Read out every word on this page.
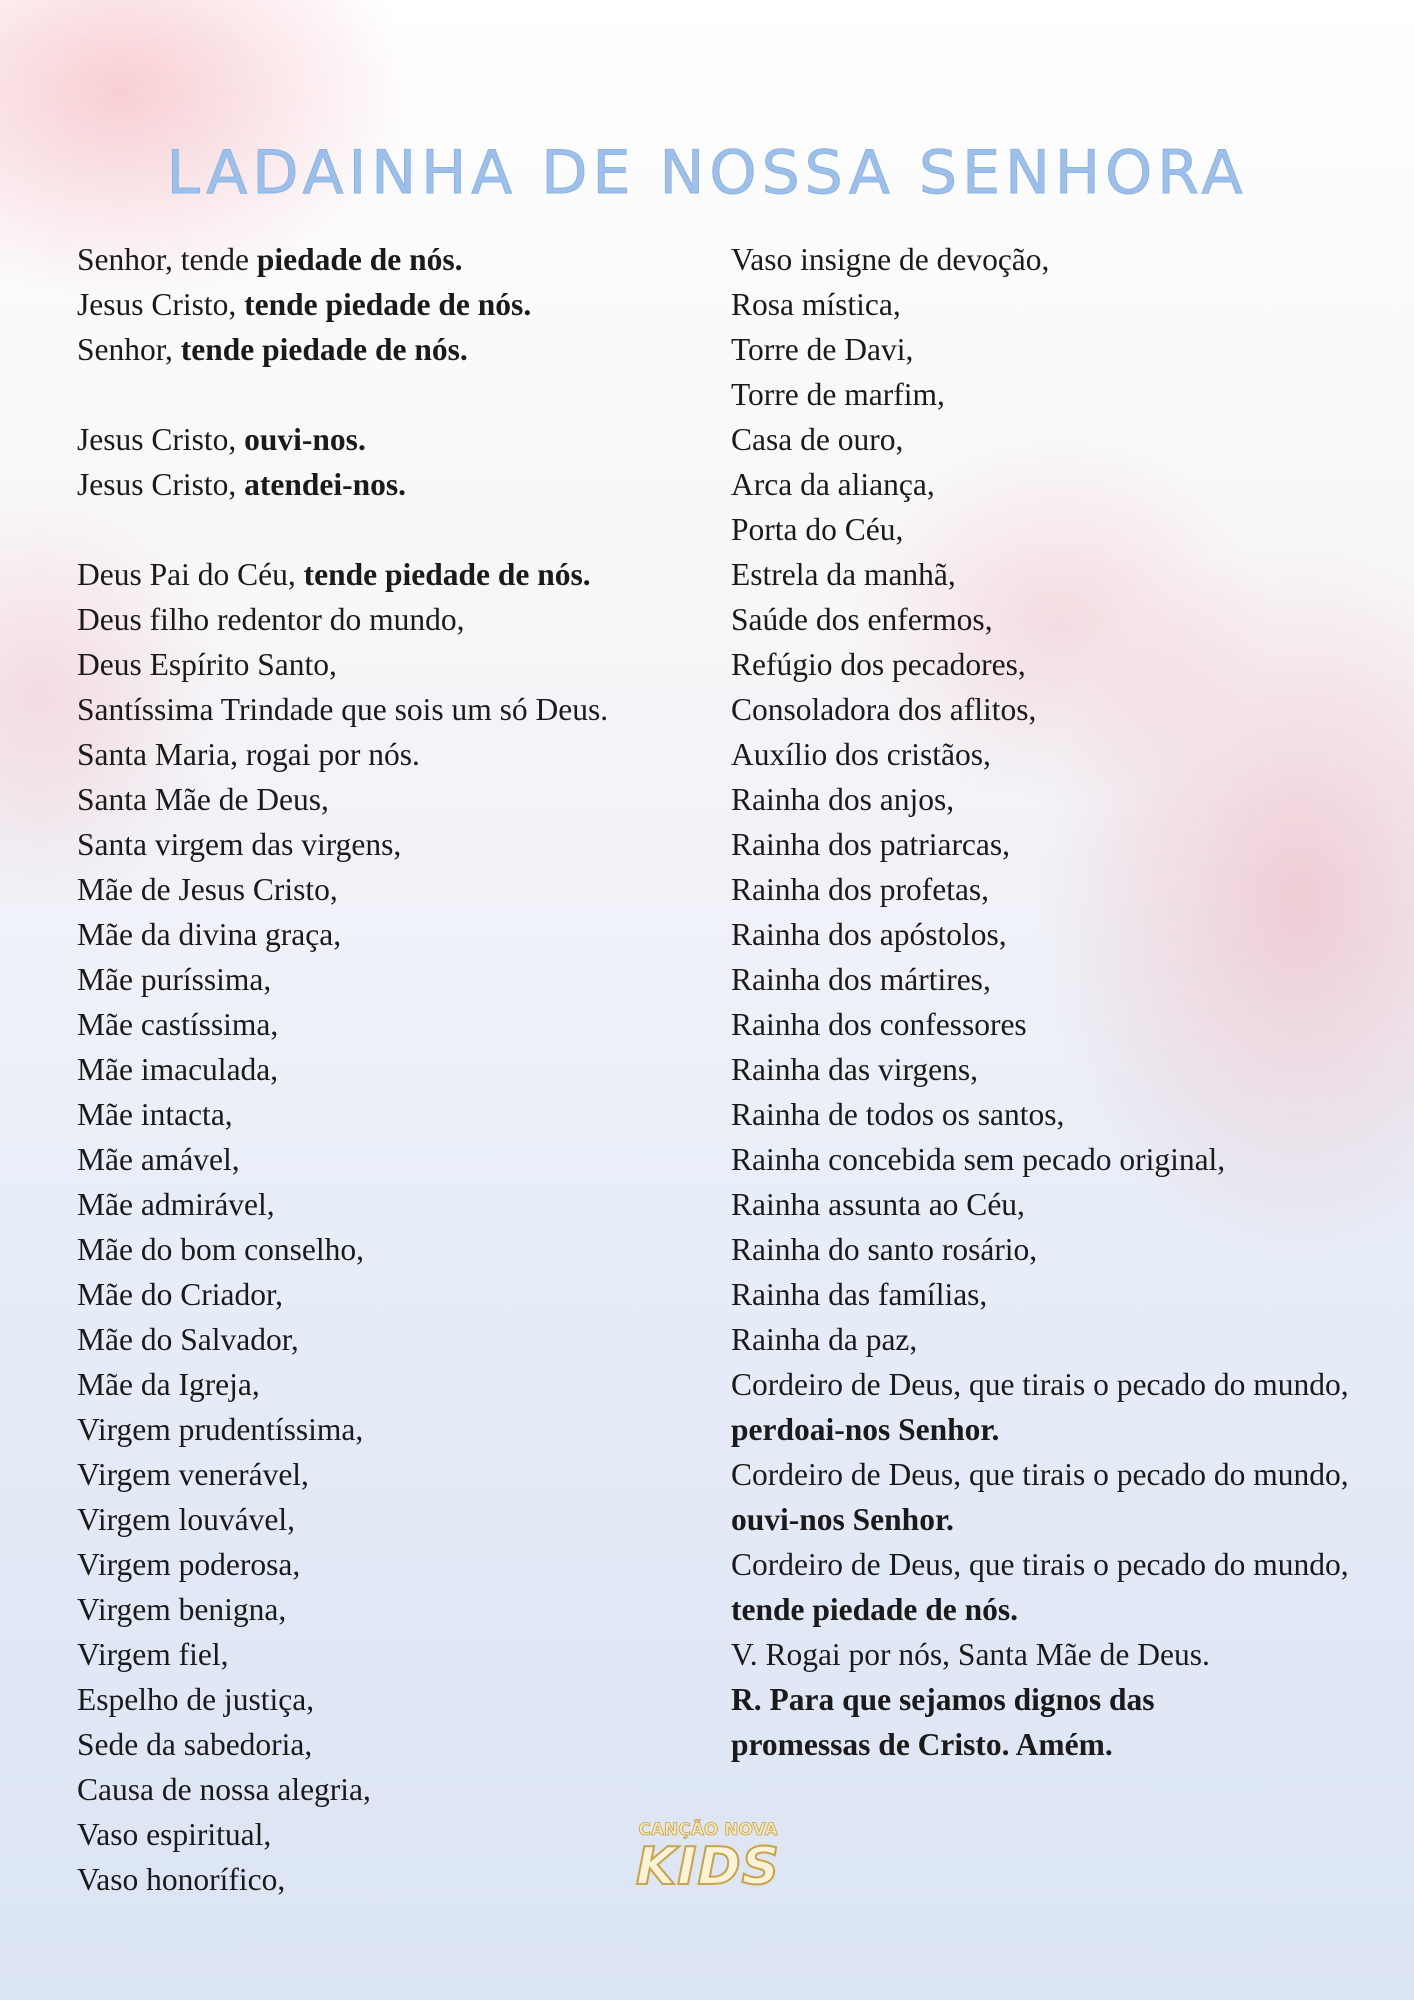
LADAINHA DE NOSSA SENHORA
Senhor, tende piedade de nós.
Jesus Cristo, tende piedade de nós.
Senhor, tende piedade de nós.
Jesus Cristo, ouvi-nos.
Jesus Cristo, atendei-nos.
Deus Pai do Céu, tende piedade de nós.
Deus filho redentor do mundo,
Deus Espírito Santo,
Santíssima Trindade que sois um só Deus.
Santa Maria, rogai por nós.
Santa Mãe de Deus,
Santa virgem das virgens,
Mãe de Jesus Cristo,
Mãe da divina graça,
Mãe puríssima,
Mãe castíssima,
Mãe imaculada,
Mãe intacta,
Mãe amável,
Mãe admirável,
Mãe do bom conselho,
Mãe do Criador,
Mãe do Salvador,
Mãe da Igreja,
Virgem prudentíssima,
Virgem venerável,
Virgem louvável,
Virgem poderosa,
Virgem benigna,
Virgem fiel,
Espelho de justiça,
Sede da sabedoria,
Causa de nossa alegria,
Vaso espiritual,
Vaso honorífico,
Vaso insigne de devoção,
Rosa mística,
Torre de Davi,
Torre de marfim,
Casa de ouro,
Arca da aliança,
Porta do Céu,
Estrela da manhã,
Saúde dos enfermos,
Refúgio dos pecadores,
Consoladora dos aflitos,
Auxílio dos cristãos,
Rainha dos anjos,
Rainha dos patriarcas,
Rainha dos profetas,
Rainha dos apóstolos,
Rainha dos mártires,
Rainha dos confessores
Rainha das virgens,
Rainha de todos os santos,
Rainha concebida sem pecado original,
Rainha assunta ao Céu,
Rainha do santo rosário,
Rainha das famílias,
Rainha da paz,
Cordeiro de Deus, que tirais o pecado do mundo, perdoai-nos Senhor.
Cordeiro de Deus, que tirais o pecado do mundo, ouvi-nos Senhor.
Cordeiro de Deus, que tirais o pecado do mundo, tende piedade de nós.
V. Rogai por nós, Santa Mãe de Deus.
R. Para que sejamos dignos das promessas de Cristo. Amém.
CANÇÃO NOVA
KIDS
